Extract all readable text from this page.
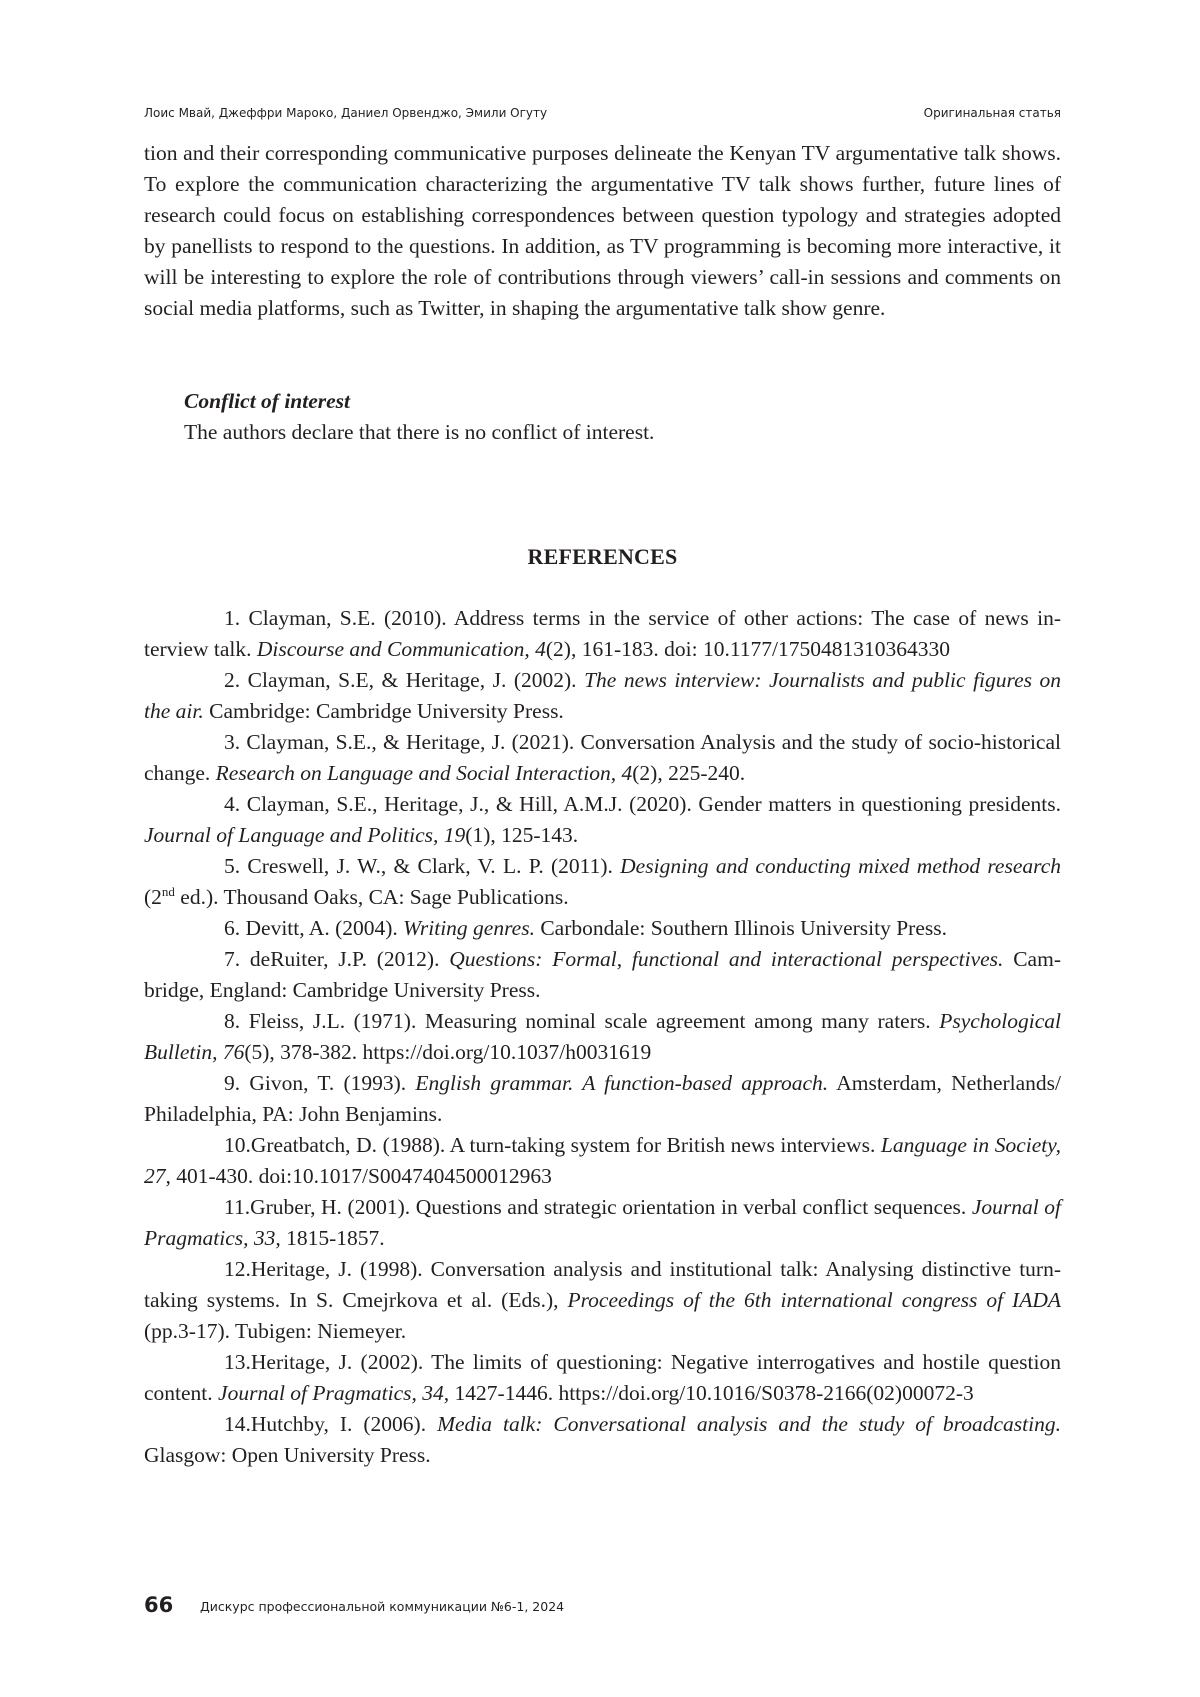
Лоис Мвай, Джеффри Мароко, Даниел Орвенджо, Эмили Огуту	Оригинальная статья

tion and their corresponding communicative purposes delineate the Kenyan TV argumentative talk shows. To explore the communication characterizing the argumentative TV talk shows further, future lines of research could focus on establishing correspondences between question typology and strategies adopted by panellists to respond to the questions. In addition, as TV programming is becoming more interactive, it will be interesting to explore the role of contributions through viewers’ call-in sessions and comments on social media platforms, such as Twitter, in shaping the argumentative talk show genre.

Conflict of interest

The authors declare that there is no conflict of interest.

REFERENCES
1. Clayman, S.E. (2010). Address terms in the service of other actions: The case of news interview talk. Discourse and Communication, 4(2), 161-183. doi: 10.1177/1750481310364330
2. Clayman, S.E, & Heritage, J. (2002). The news interview: Journalists and public figures on the air. Cambridge: Cambridge University Press.
3. Clayman, S.E., & Heritage, J. (2021). Conversation Analysis and the study of socio-historical change. Research on Language and Social Interaction, 4(2), 225-240.
4. Clayman, S.E., Heritage, J., & Hill, A.M.J. (2020). Gender matters in questioning presidents. Journal of Language and Politics, 19(1), 125-143.
5. Creswell, J. W., & Clark, V. L. P. (2011). Designing and conducting mixed method research (2nd ed.). Thousand Oaks, CA: Sage Publications.
6. Devitt, A. (2004). Writing genres. Carbondale: Southern Illinois University Press.
7. deRuiter, J.P. (2012). Questions: Formal, functional and interactional perspectives. Cambridge, England: Cambridge University Press.
8. Fleiss, J.L. (1971). Measuring nominal scale agreement among many raters. Psychological Bulletin, 76(5), 378-382. https://doi.org/10.1037/h0031619
9. Givon, T. (1993). English grammar. A function-based approach. Amsterdam, Netherlands/ Philadelphia, PA: John Benjamins.
10.Greatbatch, D. (1988). A turn-taking system for British news interviews. Language in Society, 27, 401-430. doi:10.1017/S0047404500012963
11.Gruber, H. (2001). Questions and strategic orientation in verbal conflict sequences. Journal of Pragmatics, 33, 1815-1857.
12.Heritage, J. (1998). Conversation analysis and institutional talk: Analysing distinctive turn-taking systems. In S. Cmejrkova et al. (Eds.), Proceedings of the 6th international congress of IADA (pp.3-17). Tubigen: Niemeyer.
13.Heritage, J. (2002). The limits of questioning: Negative interrogatives and hostile question content. Journal of Pragmatics, 34, 1427-1446. https://doi.org/10.1016/S0378-2166(02)00072-3
14.Hutchby, I. (2006). Media talk: Conversational analysis and the study of broadcasting. Glasgow: Open University Press.
66 Дискурс профессиональной коммуникации №6-1, 2024
